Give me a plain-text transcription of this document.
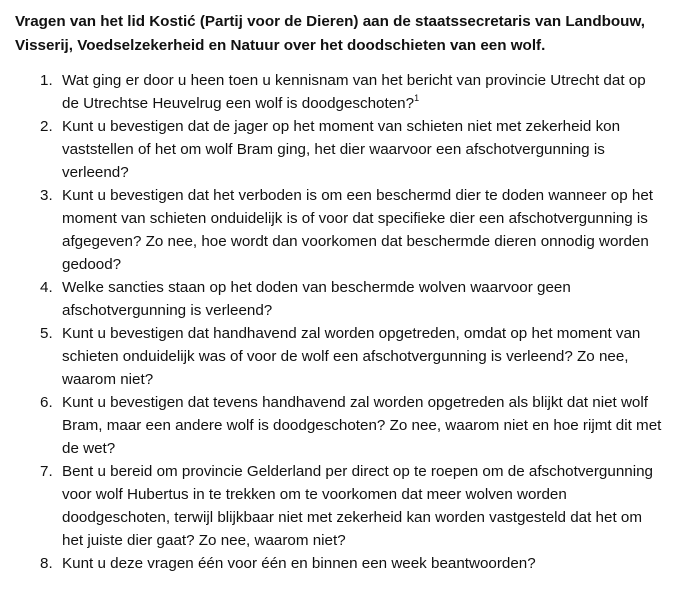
Vragen van het lid Kostić (Partij voor de Dieren) aan de staatssecretaris van Landbouw, Visserij, Voedselzekerheid en Natuur over het doodschieten van een wolf.
1. Wat ging er door u heen toen u kennisnam van het bericht van provincie Utrecht dat op de Utrechtse Heuvelrug een wolf is doodgeschoten?$^1$
2. Kunt u bevestigen dat de jager op het moment van schieten niet met zekerheid kon vaststellen of het om wolf Bram ging, het dier waarvoor een afschotvergunning is verleend?
3. Kunt u bevestigen dat het verboden is om een beschermd dier te doden wanneer op het moment van schieten onduidelijk is of voor dat specifieke dier een afschotvergunning is afgegeven? Zo nee, hoe wordt dan voorkomen dat beschermde dieren onnodig worden gedood?
4. Welke sancties staan op het doden van beschermde wolven waarvoor geen afschotvergunning is verleend?
5. Kunt u bevestigen dat handhavend zal worden opgetreden, omdat op het moment van schieten onduidelijk was of voor de wolf een afschotvergunning is verleend? Zo nee, waarom niet?
6. Kunt u bevestigen dat tevens handhavend zal worden opgetreden als blijkt dat niet wolf Bram, maar een andere wolf is doodgeschoten? Zo nee, waarom niet en hoe rijmt dit met de wet?
7. Bent u bereid om provincie Gelderland per direct op te roepen om de afschotvergunning voor wolf Hubertus in te trekken om te voorkomen dat meer wolven worden doodgeschoten, terwijl blijkbaar niet met zekerheid kan worden vastgesteld dat het om het juiste dier gaat? Zo nee, waarom niet?
8. Kunt u deze vragen één voor één en binnen een week beantwoorden?
